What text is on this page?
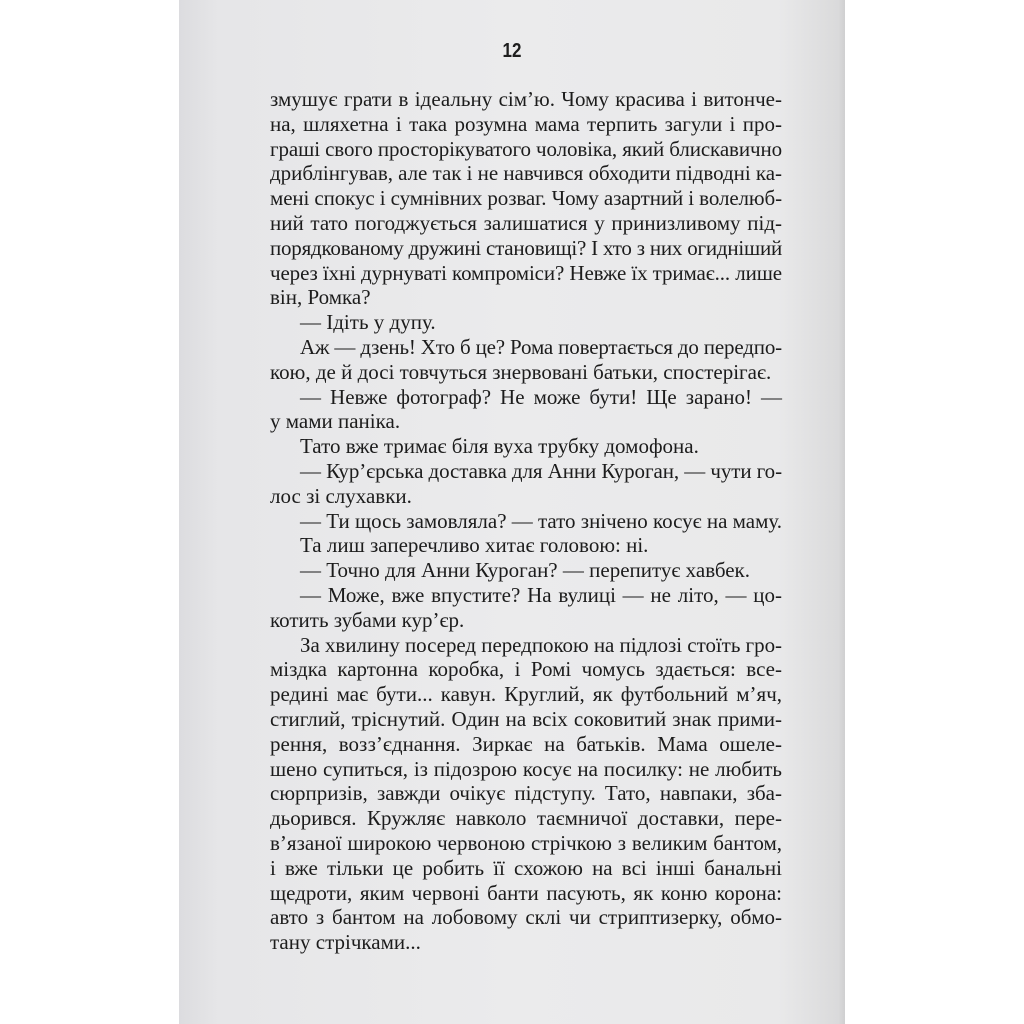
12
змушує грати в ідеальну сім’ю. Чому красива і витонче-
на, шляхетна і така розумна мама терпить загули і про-
граші свого просторікуватого чоловіка, який блискавично
дриблінгував, але так і не навчився обходити підводні ка-
мені спокус і сумнівних розваг. Чому азартний і волелюб-
ний тато погоджується залишатися у принизливому під-
порядкованому дружині становищі? І хто з них огидніший
через їхні дурнуваті компроміси? Невже їх тримає... лише
він, Ромка?
— Ідіть у дупу.
Аж — дзень! Хто б це? Рома повертається до передпо-
кою, де й досі товчуться знервовані батьки, спостерігає.
— Невже фотограф? Не може бути! Ще зарано! —
у мами паніка.
Тато вже тримає біля вуха трубку домофона.
— Кур’єрська доставка для Анни Куроган, — чути го-
лос зі слухавки.
— Ти щось замовляла? — тато знічено косує на маму.
Та лиш заперечливо хитає головою: ні.
— Точно для Анни Куроган? — перепитує хавбек.
— Може, вже впустите? На вулиці — не літо, — цо-
котить зубами кур’єр.
За хвилину посеред передпокою на підлозі стоїть гро-
міздка картонна коробка, і Ромі чомусь здається: все-
редині має бути... кавун. Круглий, як футбольний м’яч,
стиглий, тріснутий. Один на всіх соковитий знак прими-
рення, возз’єднання. Зиркає на батьків. Мама ошеле-
шено супиться, із підозрою косує на посилку: не любить
сюрпризів, завжди очікує підступу. Тато, навпаки, зба-
дьорився. Кружляє навколо таємничої доставки, пере-
в’язаної широкою червоною стрічкою з великим бантом,
і вже тільки це робить її схожою на всі інші банальні
щедроти, яким червоні банти пасують, як коню корона:
авто з бантом на лобовому склі чи стриптизерку, обмо-
тану стрічками...
